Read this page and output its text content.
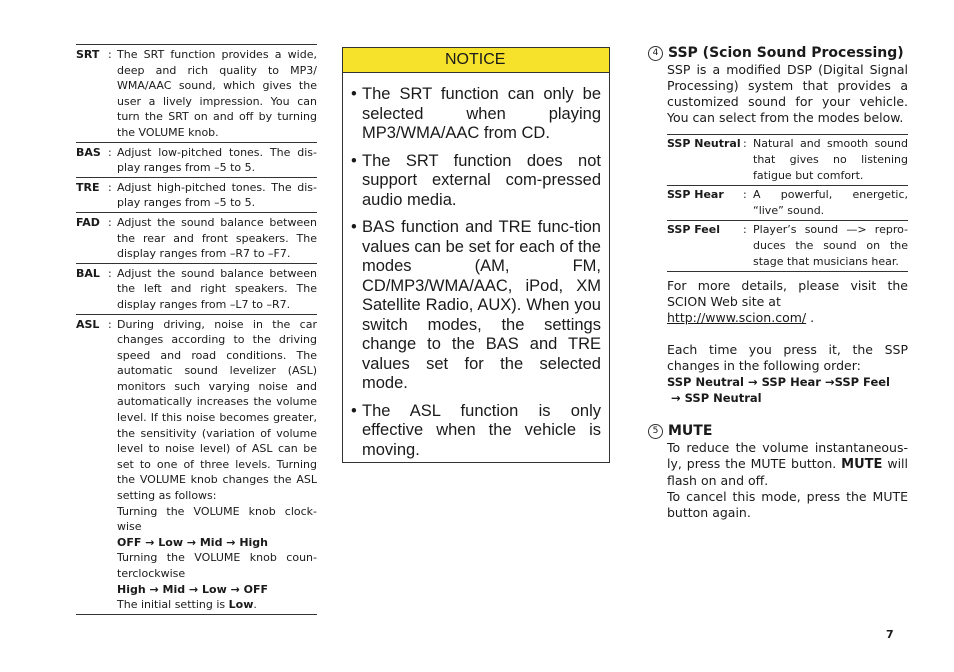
SRT : The SRT function provides a wide, deep and rich quality to MP3/ WMA/AAC sound, which gives the user a lively impression. You can turn the SRT on and off by turning the VOLUME knob.
BAS : Adjust low-pitched tones. The dis-play ranges from –5 to 5.
TRE : Adjust high-pitched tones. The dis-play ranges from –5 to 5.
FAD : Adjust the sound balance between the rear and front speakers. The display ranges from –R7 to –F7.
BAL : Adjust the sound balance between the left and right speakers. The display ranges from –L7 to –R7.
ASL : During driving, noise in the car changes according to the driving speed and road conditions. The automatic sound levelizer (ASL) monitors such varying noise and automatically increases the volume level. If this noise becomes greater, the sensitivity (variation of volume level to noise level) of ASL can be set to one of three levels. Turning the VOLUME knob changes the ASL setting as follows:

Turning the VOLUME knob clock-wise

OFF → Low → Mid → High

Turning the VOLUME knob coun-terclockwise

High → Mid → Low → OFF

The initial setting is Low.

NOTICE
• The SRT function can only be selected when playing MP3/WMA/AAC from CD.
• The SRT function does not support external com-pressed audio media.
• BAS function and TRE func-tion values can be set for each of the modes (AM, FM, CD/MP3/WMA/AAC, iPod, XM Satellite Radio, AUX). When you switch modes, the settings change to the BAS and TRE values set for the selected mode.
• The ASL function is only effective when the vehicle is moving.
4 SSP (Scion Sound Processing)
SSP is a modified DSP (Digital Signal Processing) system that provides a customized sound for your vehicle. You can select from the modes below.
SSP Neutral : Natural and smooth sound that gives no listening fatigue but comfort.
SSP Hear	: A powerful, energetic, “live” sound.
SSP Feel	: Player’s sound —> repro-duces the sound on the stage that musicians hear.

For more details, please visit the SCION Web site at

http://www.scion.com/ .

Each time you press it, the SSP changes in the following order:
SSP Neutral → SSP Hear →SSP Feel
→ SSP Neutral
5 MUTE

To reduce the volume instantaneous-ly, press the MUTE button. MUTE will flash on and off.

To cancel this mode, press the MUTE button again.

7
